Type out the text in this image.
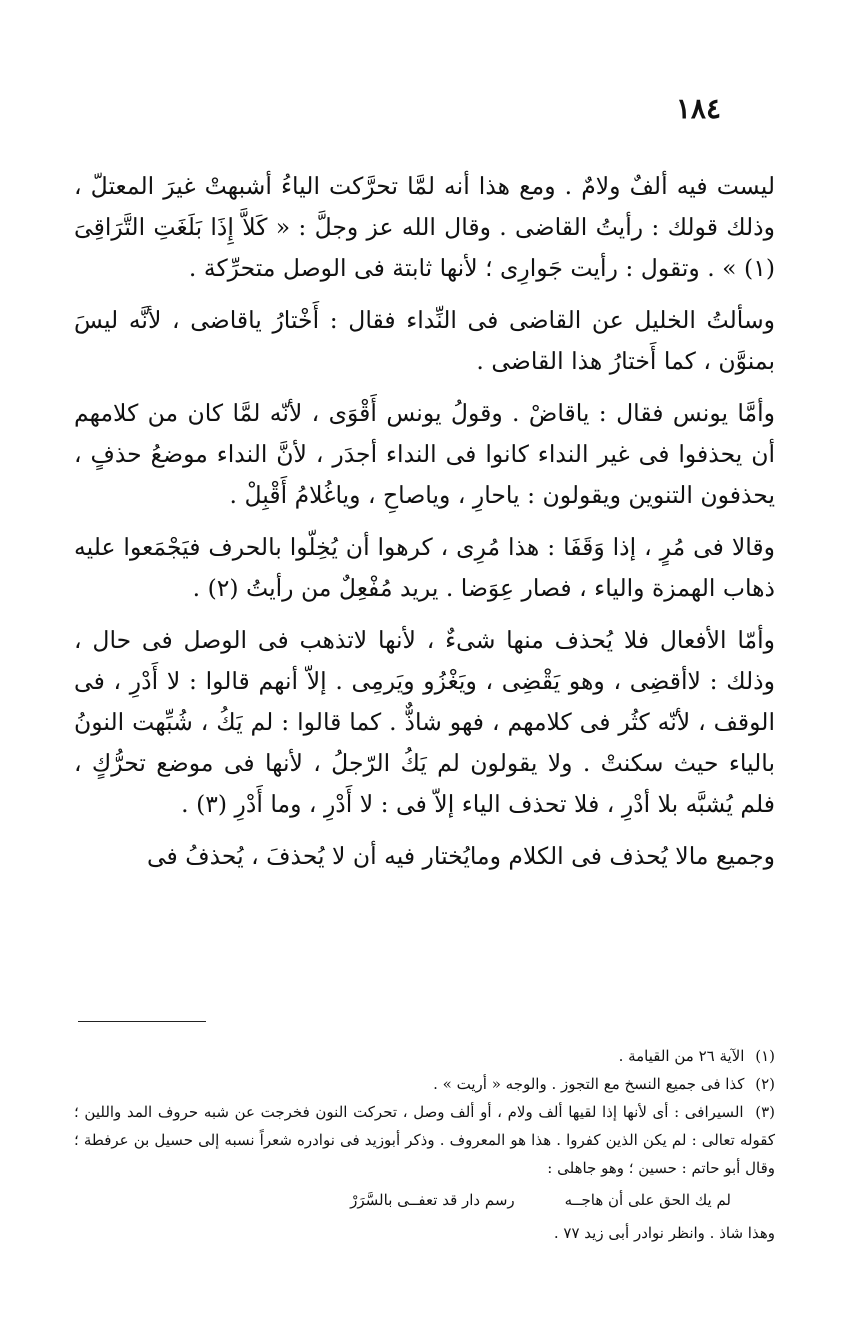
١٨٤

ليست فيه ألفٌ ولامٌ . ومع هذا أنه لمَّا تحرَّكت الياءُ أشبهتْ غيرَ المعتلّ ، وذلك قولك : رأيتُ القاضى . وقال الله عز وجلَّ : « كَلاَّ إِذَا بَلَغَتِ التَّرَاقِىَ (١) » . وتقول : رأيت جَوارِى ؛ لأنها ثابتة فى الوصل متحرِّكة .

وسألتُ الخليل عن القاضى فى النِّداء فقال : أَخْتارُ ياقاضى ، لأنَّه ليسَ بمنوَّن ، كما أَختارُ هذا القاضى .

وأمَّا يونس فقال : ياقاضْ . وقولُ يونس أَقْوَى ، لأنّه لمَّا كان من كلامهم أن يحذفوا فى غير النداء كانوا فى النداء أجدَر ، لأنَّ النداء موضعُ حذفٍ ، يحذفون التنوين ويقولون : ياحارِ ، وياصاحِ ، وياغُلامُ أَقْبِلْ .

وقالا فى مُرٍ ، إذا وَقَفَا : هذا مُرِى ، كرهوا أن يُخِلّوا بالحرف فيَجْمَعوا عليه ذهاب الهمزة والياء ، فصار عِوَضا . يريد مُفْعِلٌ من رأيتُ (٢) .

وأمّا الأفعال فلا يُحذف منها شىءٌ ، لأنها لاتذهب فى الوصل فى حال ، وذلك : لاأقضِى ، وهو يَقْضِى ، ويَغْزُو ويَرمِى . إلاّ أنهم قالوا : لا أَدْرِ ، فى الوقف ، لأنّه كثُر فى كلامهم ، فهو شاذٌّ . كما قالوا : لم يَكُ ، شُبِّهت النونُ بالياء حيث سكنتْ . ولا يقولون لم يَكُ الرّجلُ ، لأنها فى موضع تحرُّكٍ ، فلم يُشبَّه بلا أدْرِ ، فلا تحذف الياء إلاّ فى : لا أَدْرِ ، وما أَدْرِ (٣) .

وجميع مالا يُحذف فى الكلام ومايُختار فيه أن لا يُحذفَ ، يُحذفُ فى

(١) الآية ٢٦ من القيامة .

(٢) كذا فى جميع النسخ مع التجوز . والوجه « أريت » .

(٣) السيرافى : أى لأنها إذا لقيها ألف ولام ، أو ألف وصل ، تحركت النون فخرجت عن شبه حروف المد واللين ؛ كقوله تعالى : لم يكن الذين كفروا . هذا هو المعروف . وذكر أبوزيد فى نوادره شعراً نسبه إلى حسيل بن عرفطة ؛ وقال أبو حاتم : حسين ؛ وهو جاهلى :

لم يك الحق على أن هاجــه
رسم دار قد تعفــى بالسَّرَرْ

وهذا شاذ . وانظر نوادر أبى زيد ٧٧ .
